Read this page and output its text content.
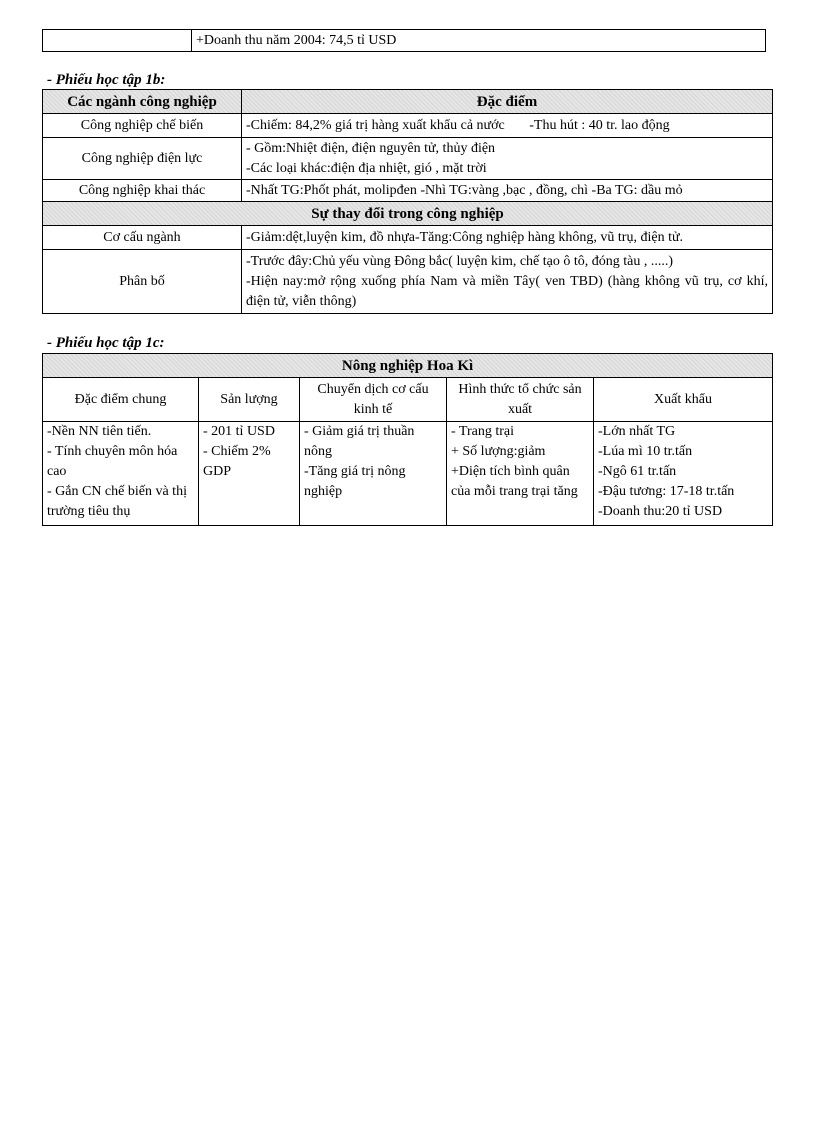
	+Doanh thu năm 2004: 74,5 tỉ USD
- Phiếu học tập 1b:
Các ngành công nghiệp	Đặc điểm
Công nghiệp chế biến	-Chiếm: 84,2% giá trị hàng xuất khẩu cả nước       -Thu hút : 40 tr. lao động

Công nghiệp điện lực	- Gồm:Nhiệt điện, điện nguyên tử, thủy điện
-Các loại khác:điện địa nhiệt, gió , mặt trời

Công nghiệp khai thác	-Nhất TG:Phốt phát, molipđen -Nhì TG:vàng ,bạc , đồng, chì -Ba TG: dầu mỏ

Sự thay đổi trong công nghiệp	
Cơ cấu ngành	-Giảm:dệt,luyện kim, đồ nhựa-Tăng:Công nghiệp hàng không, vũ trụ, điện tử.

Phân bố	-Trước đây:Chủ yếu vùng Đông bắc( luyện kim, chế tạo ô tô, đóng tàu , .....)
-Hiện nay:mở rộng xuống phía Nam và miền Tây( ven TBD) (hàng không vũ trụ, cơ khí, điện tử, viễn thông)
- Phiếu học tập 1c:
Nông nghiệp Hoa Kì				
Đặc điểm chung	Sản lượng	Chuyển dịch cơ cấu kinh tế	Hình thức tổ chức sản xuất	Xuất khẩu

-Nền NN tiên tiến.
- Tính chuyên môn hóa cao
- Gắn CN chế biến và thị trường tiêu thụ	- 201 tỉ USD
- Chiếm 2% GDP	- Giảm giá trị thuần nông
-Tăng giá trị nông nghiệp	- Trang trại
+ Số lượng:giảm
+Diện tích bình quân của mỗi trang trại tăng	-Lớn nhất TG
-Lúa mì 10 tr.tấn
-Ngô 61 tr.tấn
-Đậu tương: 17-18 tr.tấn
-Doanh thu:20 tỉ USD
